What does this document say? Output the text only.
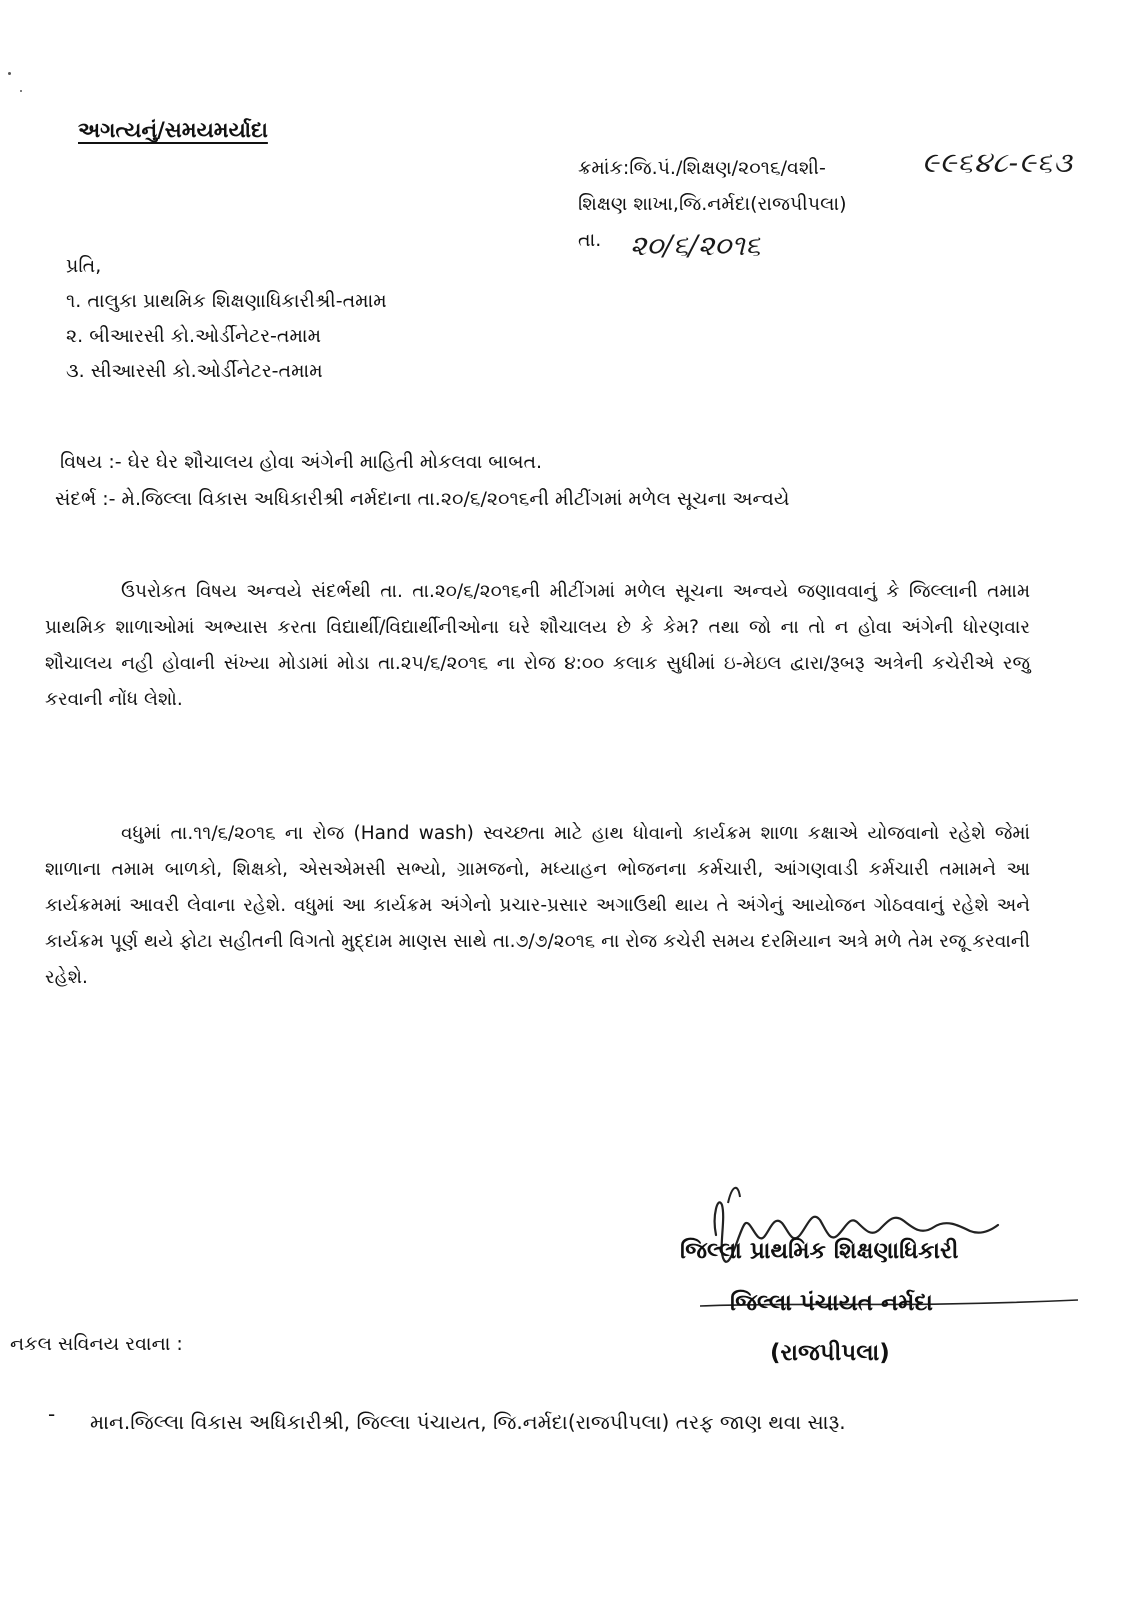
અગત્યનું/સમયમર્યાદા
ક્રમાંક:જિ.પં./શિક્ષણ/૨૦૧૬/વશી-	૯૯૬૪૮-૯૬૩
શિક્ષણ શાખા,જિ.નર્મદા(રાજપીપલા)
તા. ૨૦/૬/૨૦૧૬
પ્રતિ,
૧. તાલુકા પ્રાથમિક શિક્ષણાધિકારીશ્રી-તમામ
૨. બીઆરસી કો.ઓર્ડીનેટર-તમામ
૩. સીઆરસી કો.ઓર્ડીનેટર-તમામ
વિષય :- ઘેર ઘેર શૌચાલય હોવા અંગેની માહિતી મોકલવા બાબત.
સંદર્ભ :- મે.જિલ્લા વિકાસ અધિકારીશ્રી નર્મદાના તા.૨૦/૬/૨૦૧૬ની મીટીંગમાં મળેલ સૂચના અન્વયે
ઉપરોકત વિષય અન્વયે સંદર્ભથી તા. તા.૨૦/૬/૨૦૧૬ની મીટીંગમાં મળેલ સૂચના અન્વયે જણાવવાનું કે જિલ્લાની તમામ પ્રાથમિક શાળાઓમાં અભ્યાસ કરતા વિદ્યાર્થી/વિદ્યાર્થીનીઓના ઘરે શૌચાલય છે કે કેમ? તથા જો ના તો ન હોવા અંગેની ધોરણવાર શૌચાલય નહી હોવાની સંખ્યા મોડામાં મોડા તા.૨૫/૬/૨૦૧૬ ના રોજ ૪:૦૦ કલાક સુધીમાં ઇ-મેઇલ દ્વારા/રૂબરૂ અત્રેની કચેરીએ રજુ કરવાની નોંધ લેશો.
વધુમાં તા.૧૧/૬/૨૦૧૬ ના રોજ (Hand wash) સ્વચ્છતા માટે હાથ ધોવાનો કાર્યક્રમ શાળા કક્ષાએ યોજવાનો રહેશે જેમાં શાળાના તમામ બાળકો, શિક્ષકો, એસએમસી સભ્યો, ગ્રામજનો, મધ્યાહન ભોજનના કર્મચારી, આંગણવાડી કર્મચારી તમામને આ કાર્યક્રમમાં આવરી લેવાના રહેશે. વધુમાં આ કાર્યક્રમ અંગેનો પ્રચાર-પ્રસાર અગાઉથી થાય તે અંગેનું આયોજન ગોઠવવાનું રહેશે અને કાર્યક્રમ પૂર્ણ થયે ફોટા સહીતની વિગતો મુદ્દામ માણસ સાથે તા.૭/૭/૨૦૧૬ ના રોજ કચેરી સમય દરમિયાન અત્રે મળે તેમ રજૂ કરવાની રહેશે.
જિલ્લા પ્રાથમિક શિક્ષણાધિકારી
જિલ્લા પંચાયત નર્મદા
(રાજપીપલા)
નકલ સવિનય રવાના :
- માન.જિલ્લા વિકાસ અધિકારીશ્રી, જિલ્લા પંચાયત, જિ.નર્મદા(રાજપીપલા) તરફ જાણ થવા સારૂ.
